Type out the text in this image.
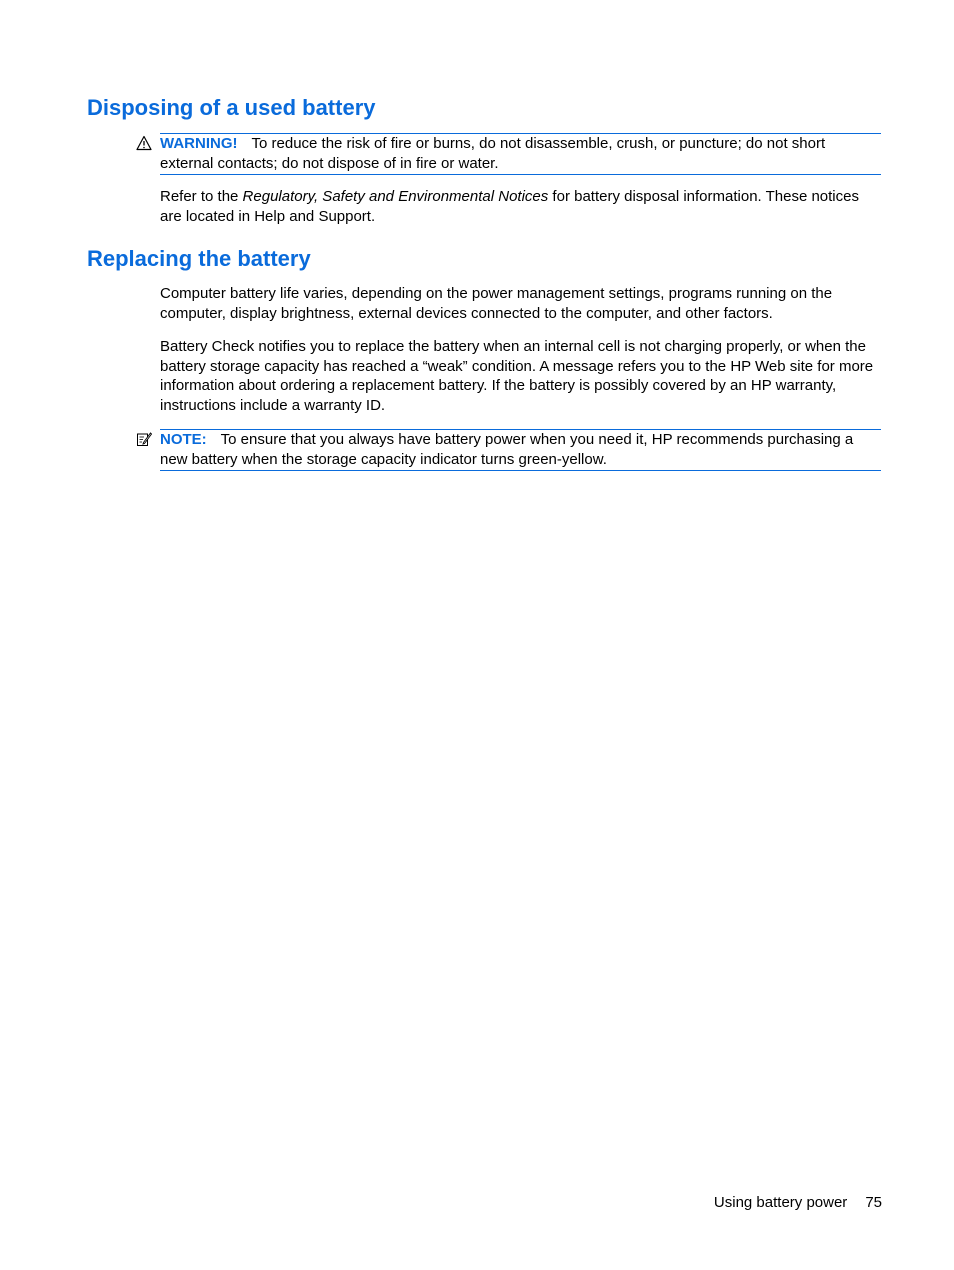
Disposing of a used battery

WARNING! To reduce the risk of fire or burns, do not disassemble, crush, or puncture; do not short external contacts; do not dispose of in fire or water.

Refer to the Regulatory, Safety and Environmental Notices for battery disposal information. These notices are located in Help and Support.

Replacing the battery

Computer battery life varies, depending on the power management settings, programs running on the computer, display brightness, external devices connected to the computer, and other factors.

Battery Check notifies you to replace the battery when an internal cell is not charging properly, or when the battery storage capacity has reached a “weak” condition. A message refers you to the HP Web site for more information about ordering a replacement battery. If the battery is possibly covered by an HP warranty, instructions include a warranty ID.

NOTE: To ensure that you always have battery power when you need it, HP recommends purchasing a new battery when the storage capacity indicator turns green-yellow.

Using battery power 75
